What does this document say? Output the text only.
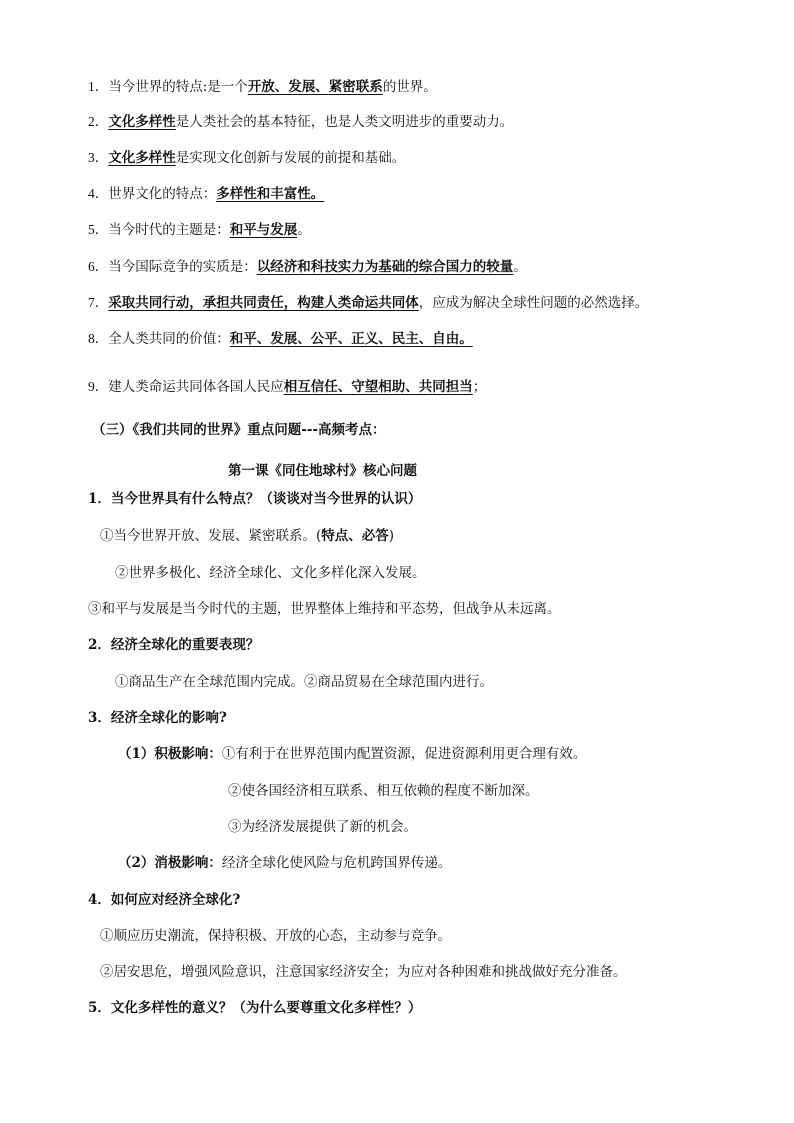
1．当今世界的特点:是一个开放、发展、紧密联系的世界。
2．文化多样性是人类社会的基本特征，也是人类文明进步的重要动力。
3．文化多样性是实现文化创新与发展的前提和基础。
4．世界文化的特点：多样性和丰富性。
5．当今时代的主题是：和平与发展。
6．当今国际竞争的实质是：以经济和科技实力为基础的综合国力的较量。
7．采取共同行动，承担共同责任，构建人类命运共同体，应成为解决全球性问题的必然选择。
8．全人类共同的价值：和平、发展、公平、正义、民主、自由。
9．建人类命运共同体各国人民应相互信任、守望相助、共同担当；
（三）《我们共同的世界》重点问题---高频考点：
第一课《同住地球村》核心问题
1．当今世界具有什么特点？（谈谈对当今世界的认识）
①当今世界开放、发展、紧密联系。(特点、必答)
②世界多极化、经济全球化、文化多样化深入发展。
③和平与发展是当今时代的主题，世界整体上维持和平态势，但战争从未远离。
2．经济全球化的重要表现？
①商品生产在全球范围内完成。②商品贸易在全球范围内进行。
3．经济全球化的影响?
（1）积极影响：①有利于在世界范围内配置资源，促进资源利用更合理有效。
②使各国经济相互联系、相互依赖的程度不断加深。
③为经济发展提供了新的机会。
（2）消极影响：经济全球化使风险与危机跨国界传递。
4．如何应对经济全球化?
①顺应历史潮流，保持积极、开放的心态，主动参与竞争。
②居安思危，增强风险意识，注意国家经济安全；为应对各种困难和挑战做好充分准备。
5．文化多样性的意义？（为什么要尊重文化多样性？）
